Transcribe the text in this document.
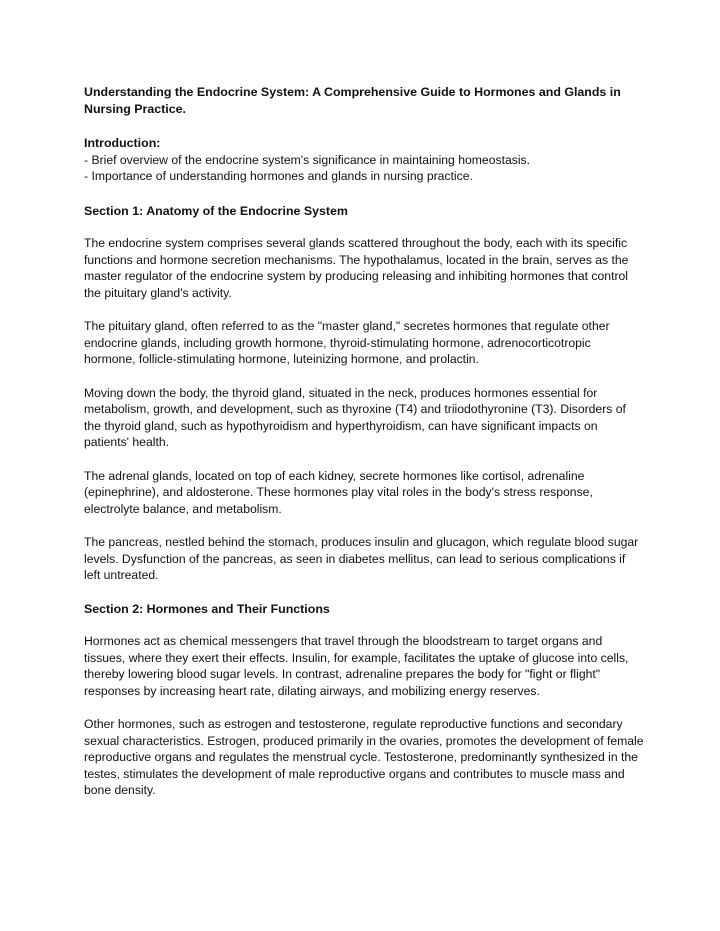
Understanding the Endocrine System: A Comprehensive Guide to Hormones and Glands in Nursing Practice.

Introduction:

- Brief overview of the endocrine system's significance in maintaining homeostasis.

- Importance of understanding hormones and glands in nursing practice.

Section 1: Anatomy of the Endocrine System

The endocrine system comprises several glands scattered throughout the body, each with its specific functions and hormone secretion mechanisms. The hypothalamus, located in the brain, serves as the master regulator of the endocrine system by producing releasing and inhibiting hormones that control the pituitary gland's activity.

The pituitary gland, often referred to as the "master gland," secretes hormones that regulate other endocrine glands, including growth hormone, thyroid-stimulating hormone, adrenocorticotropic hormone, follicle-stimulating hormone, luteinizing hormone, and prolactin.

Moving down the body, the thyroid gland, situated in the neck, produces hormones essential for metabolism, growth, and development, such as thyroxine (T4) and triiodothyronine (T3). Disorders of the thyroid gland, such as hypothyroidism and hyperthyroidism, can have significant impacts on patients' health.

The adrenal glands, located on top of each kidney, secrete hormones like cortisol, adrenaline (epinephrine), and aldosterone. These hormones play vital roles in the body's stress response, electrolyte balance, and metabolism.

The pancreas, nestled behind the stomach, produces insulin and glucagon, which regulate blood sugar levels. Dysfunction of the pancreas, as seen in diabetes mellitus, can lead to serious complications if left untreated.

Section 2: Hormones and Their Functions

Hormones act as chemical messengers that travel through the bloodstream to target organs and tissues, where they exert their effects. Insulin, for example, facilitates the uptake of glucose into cells, thereby lowering blood sugar levels. In contrast, adrenaline prepares the body for "fight or flight" responses by increasing heart rate, dilating airways, and mobilizing energy reserves.

Other hormones, such as estrogen and testosterone, regulate reproductive functions and secondary sexual characteristics. Estrogen, produced primarily in the ovaries, promotes the development of female reproductive organs and regulates the menstrual cycle. Testosterone, predominantly synthesized in the testes, stimulates the development of male reproductive organs and contributes to muscle mass and bone density.
